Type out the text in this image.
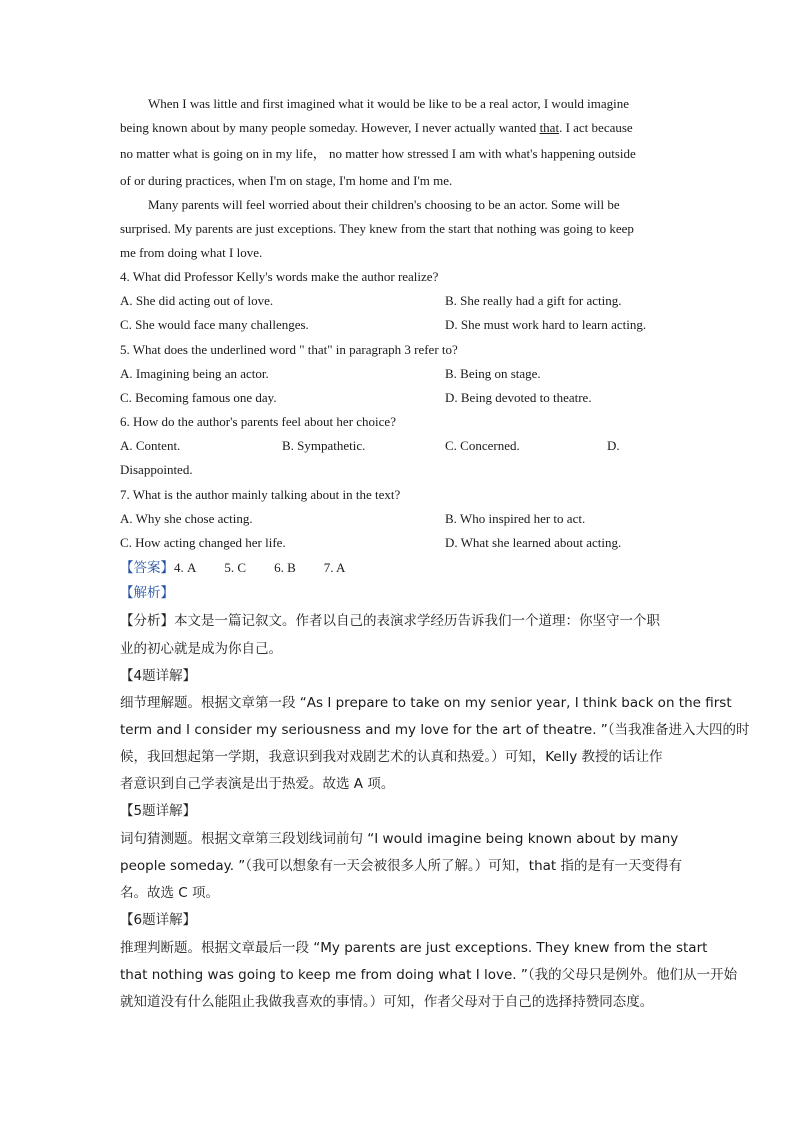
When I was little and first imagined what it would be like to be a real actor, I would imagine
being known about by many people someday. However, I never actually wanted that. I act because
no matter what is going on in my life， no matter how stressed I am with what's happening outside
of or during practices, when I'm on stage, I'm home and I'm me.
Many parents will feel worried about their children's choosing to be an actor. Some will be
surprised. My parents are just exceptions. They knew from the start that nothing was going to keep
me from doing what I love.
4. What did Professor Kelly's words make the author realize?
A. She did acting out of love.	B. She really had a gift for acting.
C. She would face many challenges.	D. She must work hard to learn acting.
5. What does the underlined word " that" in paragraph 3 refer to?
A. Imagining being an actor.	B. Being on stage.
C. Becoming famous one day.	D. Being devoted to theatre.
6. How do the author's parents feel about her choice?
A. Content.	B. Sympathetic.	C. Concerned.	D.
Disappointed.
7. What is the author mainly talking about in the text?
A. Why she chose acting.	B. Who inspired her to act.
C. How acting changed her life.	D. What she learned about acting.
【答案】4. A 5. C 6. B 7. A
【解析】
【分析】本文是一篇记叙文。作者以自己的表演求学经历告诉我们一个道理：你坚守一个职
业的初心就是成为你自己。
【4题详解】
细节理解题。根据文章第一段 “As I prepare to take on my senior year, I think back on the first
term and I consider my seriousness and my love for the art of theatre. ”（当我准备进入大四的时
候，我回想起第一学期，我意识到我对戏剧艺术的认真和热爱。）可知，Kelly 教授的话让作
者意识到自己学表演是出于热爱。故选 A 项。
【5题详解】
词句猜测题。根据文章第三段划线词前句 “I would imagine being known about by many
people someday. ”（我可以想象有一天会被很多人所了解。）可知，that 指的是有一天变得有
名。故选 C 项。
【6题详解】
推理判断题。根据文章最后一段 “My parents are just exceptions. They knew from the start
that nothing was going to keep me from doing what I love. ”（我的父母只是例外。他们从一开始
就知道没有什么能阻止我做我喜欢的事情。）可知，作者父母对于自己的选择持赞同态度。
